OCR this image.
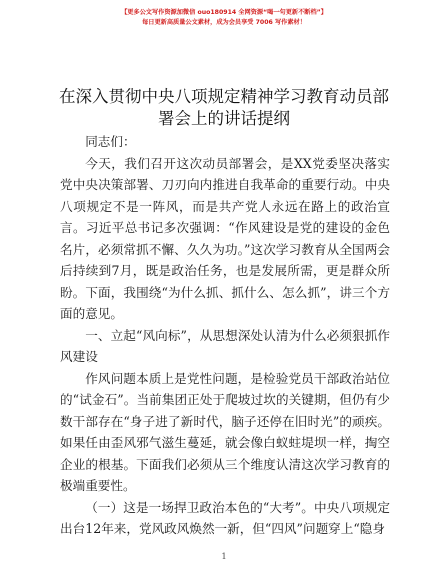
【更多公文写作资源加微信 ouo180914 全网资源“喝一句更新不断档”】
每日更新高质量公文素材，成为会员享受 7006 写作素材！
在深入贯彻中央八项规定精神学习教育动员部
署会上的讲话提纲

同志们：

今天，我们召开这次动员部署会，是XX党委坚决落实党中央决策部署、刀刃向内推进自我革命的重要行动。中央八项规定不是一阵风，而是共产党人永远在路上的政治宣言。习近平总书记多次强调：“作风建设是党的建设的金色名片，必须常抓不懈、久久为功。”这次学习教育从全国两会后持续到7月，既是政治任务，也是发展所需，更是群众所盼。下面，我围绕“为什么抓、抓什么、怎么抓”，讲三个方面的意见。

一、立起“风向标”，从思想深处认清为什么必须狠抓作风建设

作风问题本质上是党性问题，是检验党员干部政治站位的“试金石”。当前集团正处于爬坡过坎的关键期，但仍有少数干部存在“身子进了新时代，脑子还停在旧时光”的顽疾。如果任由歪风邪气滋生蔓延，就会像白蚁蛀堤坝一样，掏空企业的根基。下面我们必须从三个维度认清这次学习教育的极端重要性。

（一）这是一场捍卫政治本色的“大考”。中央八项规定出台12年来，党风政风焕然一新，但“四风”问题穿上“隐身

1
